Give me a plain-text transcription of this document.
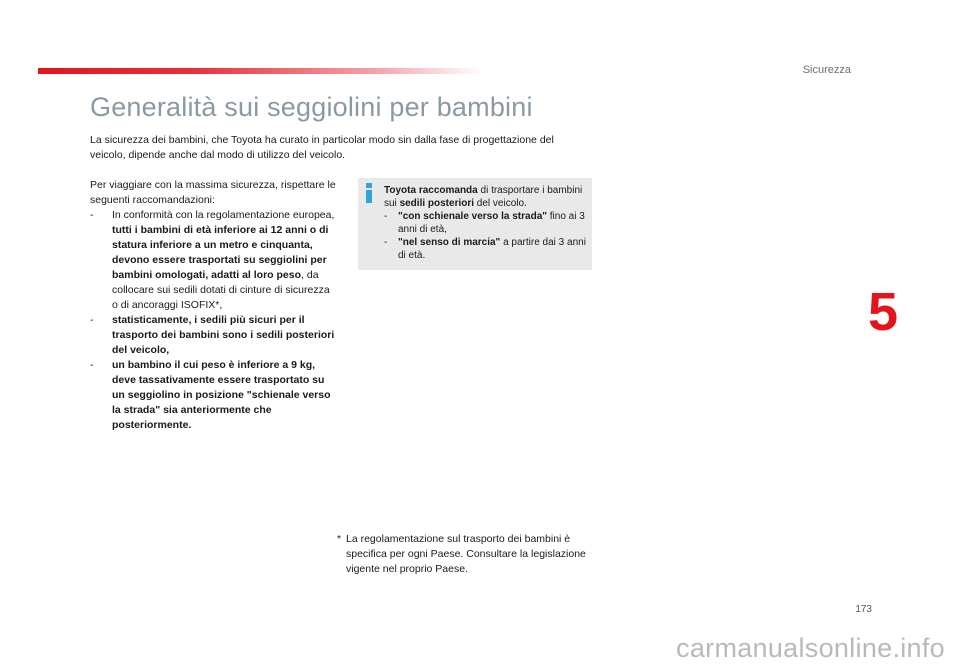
Sicurezza
Generalità sui seggiolini per bambini
La sicurezza dei bambini, che Toyota ha curato in particolar modo sin dalla fase di progettazione del veicolo, dipende anche dal modo di utilizzo del veicolo.

Per viaggiare con la massima sicurezza, rispettare le seguenti raccomandazioni:

-	In conformità con la regolamentazione europea, tutti i bambini di età inferiore ai 12 anni o di statura inferiore a un metro e cinquanta, devono essere trasportati su seggiolini per bambini omologati, adatti al loro peso, da collocare sui sedili dotati di cinture di sicurezza o di ancoraggi ISOFIX*,
-	statisticamente, i sedili più sicuri per il trasporto dei bambini sono i sedili posteriori del veicolo,
-	un bambino il cui peso è inferiore a 9 kg, deve tassativamente essere trasportato su un seggiolino in posizione "schienale verso la strada" sia anteriormente che posteriormente.
Toyota raccomanda di trasportare i bambini sui sedili posteriori del veicolo.
-	"con schienale verso la strada" fino ai 3 anni di età,
-	"nel senso di marcia" a partire dai 3 anni di età.
* La regolamentazione sul trasporto dei bambini è specifica per ogni Paese. Consultare la legislazione vigente nel proprio Paese.
5
173
carmanualsonline.info
